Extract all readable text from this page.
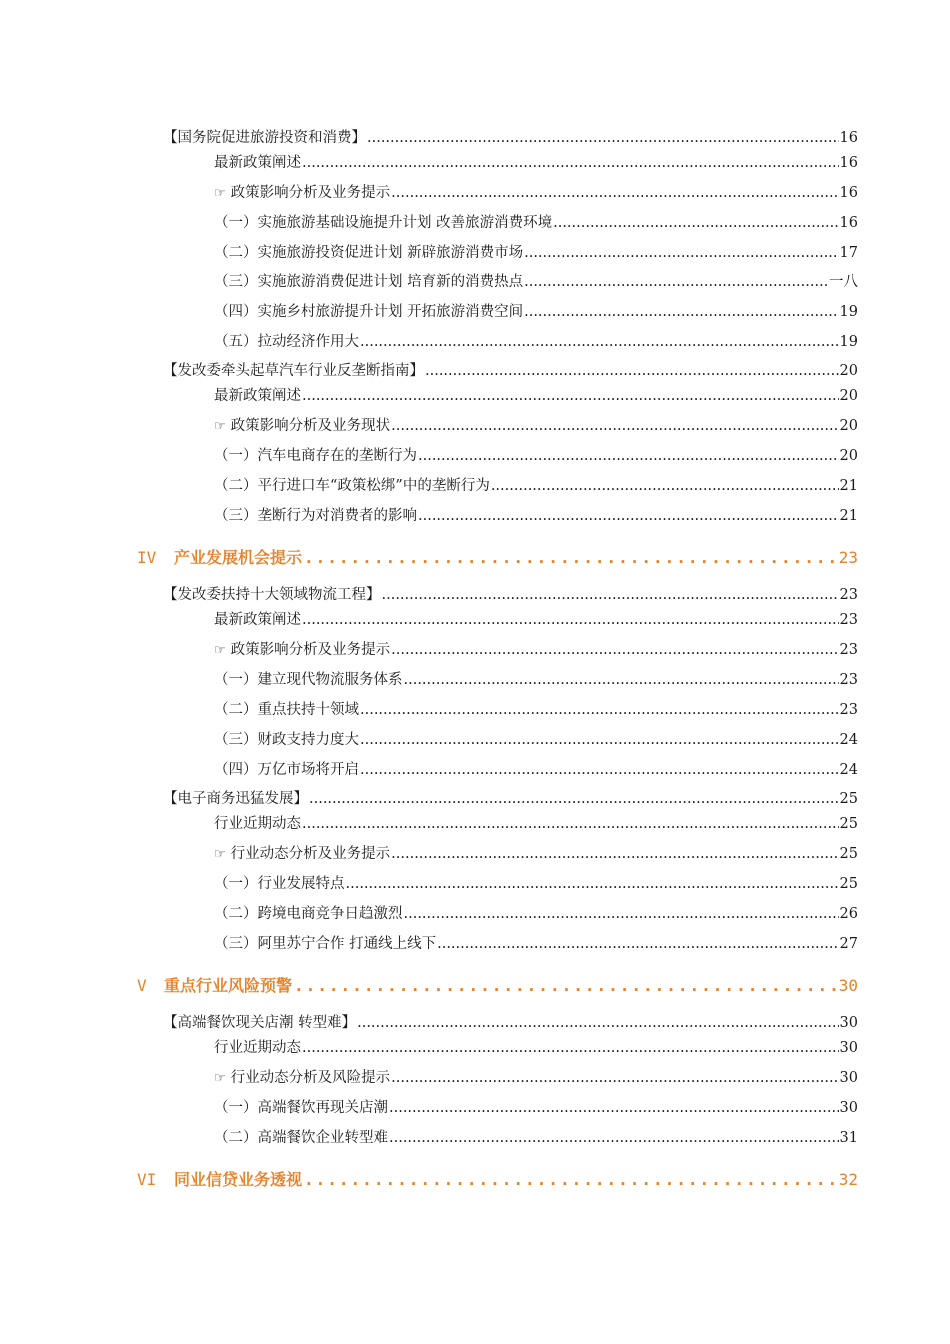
【国务院促进旅游投资和消费】 .....	16
最新政策阐述 .....	16
☞ 政策影响分析及业务提示 .....	16
（一）实施旅游基础设施提升计划 改善旅游消费环境 .....	16
（二）实施旅游投资促进计划 新辟旅游消费市场 .....	17
（三）实施旅游消费促进计划 培育新的消费热点 .....	一八
（四）实施乡村旅游提升计划 开拓旅游消费空间 .....	19
（五）拉动经济作用大 .....	19
【发改委牵头起草汽车行业反垄断指南】 .....	20
最新政策阐述 .....	20
☞ 政策影响分析及业务现状 .....	20
（一）汽车电商存在的垄断行为 .....	20
（二）平行进口车“政策松绑”中的垄断行为 .....	21
（三）垄断行为对消费者的影响 .....	21
IV	产业发展机会提示 .....	23
【发改委扶持十大领域物流工程】 .....	23
最新政策阐述 .....	23
☞ 政策影响分析及业务提示 .....	23
（一）建立现代物流服务体系 .....	23
（二）重点扶持十领域 .....	23
（三）财政支持力度大 .....	24
（四）万亿市场将开启 .....	24
【电子商务迅猛发展】 .....	25
行业近期动态 .....	25
☞ 行业动态分析及业务提示 .....	25
（一）行业发展特点 .....	25
（二）跨境电商竞争日趋激烈 .....	26
（三）阿里苏宁合作 打通线上线下 .....	27
V	重点行业风险预警 .....	30
【高端餐饮现关店潮 转型难】 .....	30
行业近期动态 .....	30
☞ 行业动态分析及风险提示 .....	30
（一）高端餐饮再现关店潮 .....	30
（二）高端餐饮企业转型难 .....	31
VI	同业信贷业务透视 .....	32
